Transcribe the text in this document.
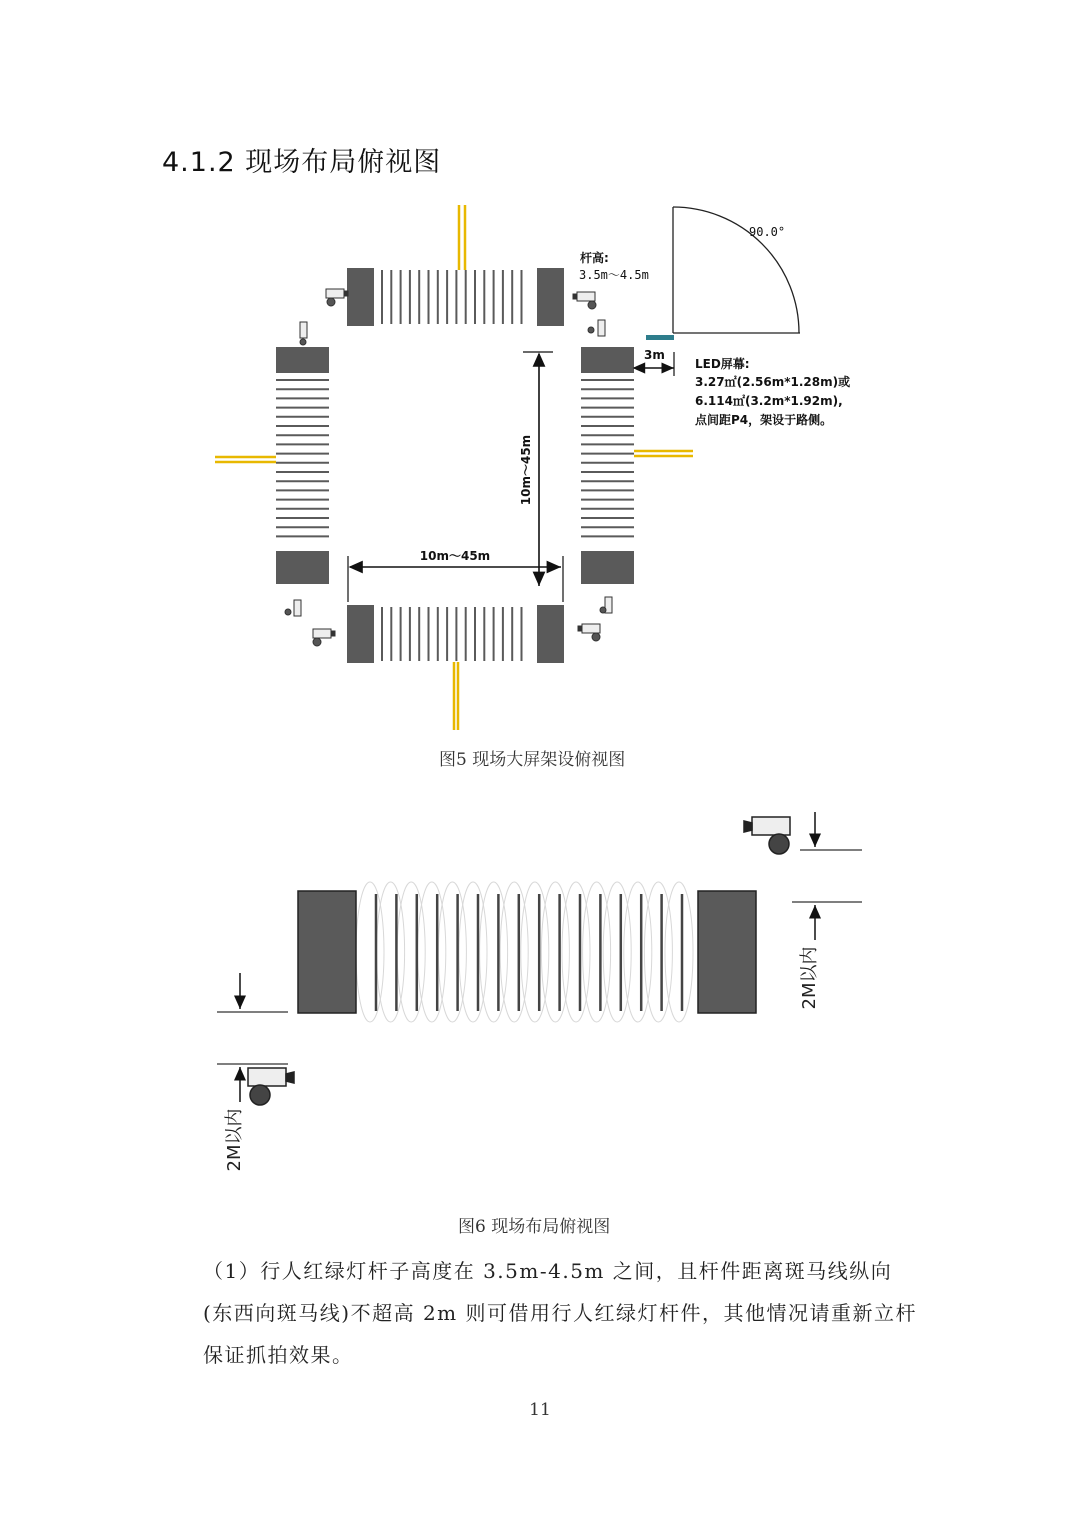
4.1.2 现场布局俯视图
10m～45m
10m～45m
90.0°
杆高:
3.5m～4.5m
3m
LED屏幕:
3.27㎡(2.56m*1.28m)或
6.114㎡(3.2m*1.92m),
点间距P4，架设于路侧。
图5 现场大屏架设俯视图
2M以内
2M以内
图6 现场布局俯视图
（1）行人红绿灯杆子高度在 3.5m-4.5m 之间，且杆件距离斑马线纵向(东西向斑马线)不超高 2m 则可借用行人红绿灯杆件，其他情况请重新立杆保证抓拍效果。
11
